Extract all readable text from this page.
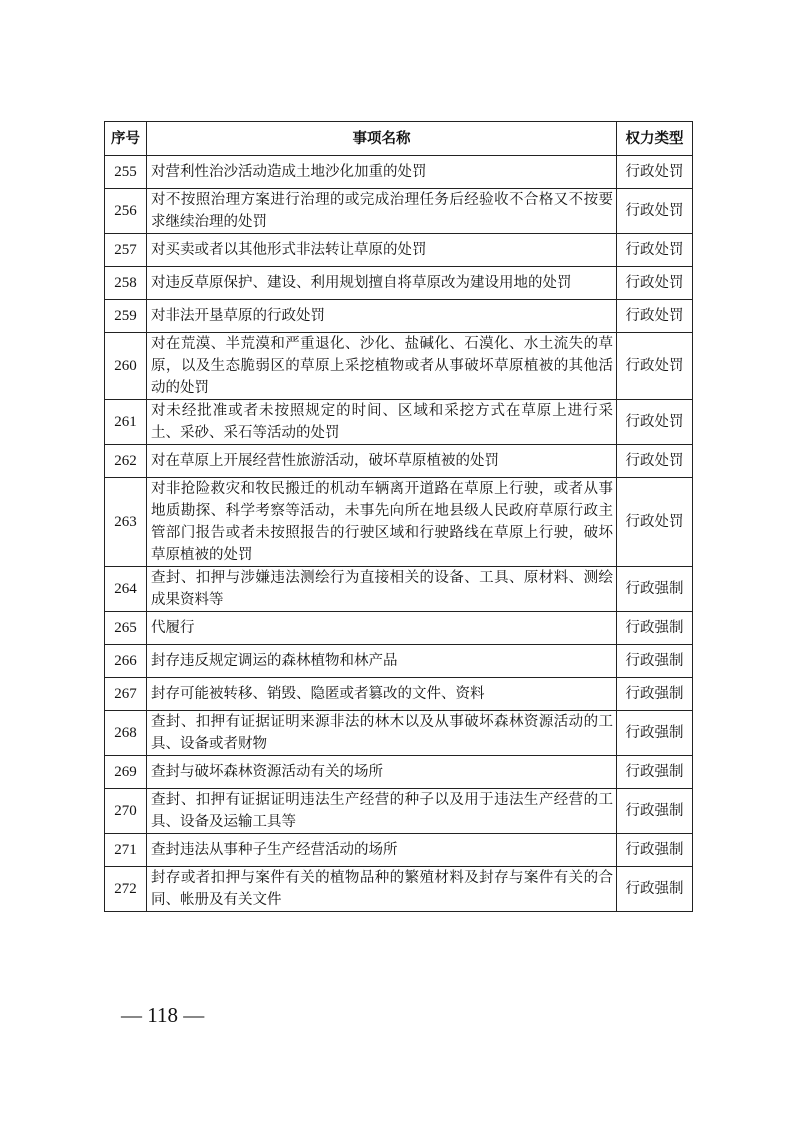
序号	事项名称	权力类型
255	对营利性治沙活动造成土地沙化加重的处罚	行政处罚
256	对不按照治理方案进行治理的或完成治理任务后经验收不合格又不按要求继续治理的处罚	行政处罚
257	对买卖或者以其他形式非法转让草原的处罚	行政处罚
258	对违反草原保护、建设、利用规划擅自将草原改为建设用地的处罚	行政处罚
259	对非法开垦草原的行政处罚	行政处罚
260	对在荒漠、半荒漠和严重退化、沙化、盐碱化、石漠化、水土流失的草原，以及生态脆弱区的草原上采挖植物或者从事破坏草原植被的其他活动的处罚	行政处罚
261	对未经批准或者未按照规定的时间、区域和采挖方式在草原上进行采土、采砂、采石等活动的处罚	行政处罚
262	对在草原上开展经营性旅游活动，破坏草原植被的处罚	行政处罚
263	对非抢险救灾和牧民搬迁的机动车辆离开道路在草原上行驶，或者从事地质勘探、科学考察等活动，未事先向所在地县级人民政府草原行政主管部门报告或者未按照报告的行驶区域和行驶路线在草原上行驶，破坏草原植被的处罚	行政处罚
264	查封、扣押与涉嫌违法测绘行为直接相关的设备、工具、原材料、测绘成果资料等	行政强制
265	代履行	行政强制
266	封存违反规定调运的森林植物和林产品	行政强制
267	封存可能被转移、销毁、隐匿或者篡改的文件、资料	行政强制
268	查封、扣押有证据证明来源非法的林木以及从事破坏森林资源活动的工具、设备或者财物	行政强制
269	查封与破坏森林资源活动有关的场所	行政强制
270	查封、扣押有证据证明违法生产经营的种子以及用于违法生产经营的工具、设备及运输工具等	行政强制
271	查封违法从事种子生产经营活动的场所	行政强制
272	封存或者扣押与案件有关的植物品种的繁殖材料及封存与案件有关的合同、帐册及有关文件	行政强制
— 118 —
